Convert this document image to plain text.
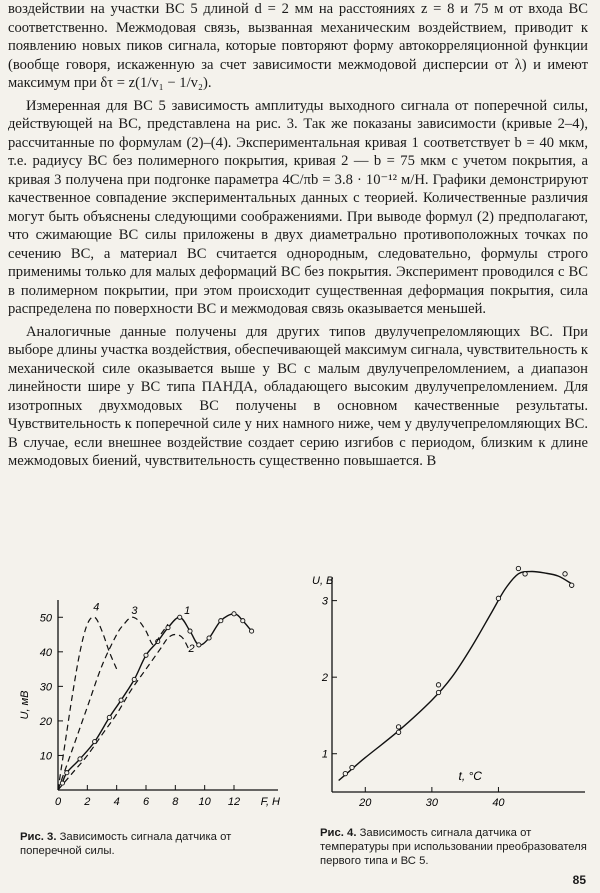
воздействии на участки ВС 5 длиной d = 2 мм на расстояниях z = 8 и 75 м от входа ВС соответственно. Межмодовая связь, вызванная механическим воздействием, приводит к появлению новых пиков сигнала, которые повторяют форму автокорреляционной функции (вообще говоря, искаженную за счет зависимости межмодовой дисперсии от λ) и имеют максимум при δτ = z(1/v₁ − 1/v₂).

Измеренная для ВС 5 зависимость амплитуды выходного сигнала от поперечной силы, действующей на ВС, представлена на рис. 3. Так же показаны зависимости (кривые 2–4), рассчитанные по формулам (2)–(4). Экспериментальная кривая 1 соответствует b = 40 мкм, т.е. радиусу ВС без полимерного покрытия, кривая 2 — b = 75 мкм с учетом покрытия, а кривая 3 получена при подгонке параметра 4C/πb = 3.8 · 10⁻¹² м/Н. Графики демонстрируют качественное совпадение экспериментальных данных с теорией. Количественные различия могут быть объяснены следующими соображениями. При выводе формул (2) предполагают, что сжимающие ВС силы приложены в двух диаметрально противоположных точках по сечению ВС, а материал ВС считается однородным, следовательно, формулы строго применимы только для малых деформаций ВС без покрытия. Эксперимент проводился с ВС в полимерном покрытии, при этом происходит существенная деформация покрытия, сила распределена по поверхности ВС и межмодовая связь оказывается меньшей.

Аналогичные данные получены для других типов двулучепреломляющих ВС. При выборе длины участка воздействия, обеспечивающей максимум сигнала, чувствительность к механической силе оказывается выше у ВС с малым двулучепреломлением, а диапазон линейности шире у ВС типа ПАНДА, обладающего высоким двулучепреломлением. Для изотропных двухмодовых ВС получены в основном качественные результаты. Чувствительность к поперечной силе у них намного ниже, чем у двулучепреломляющих ВС. В случае, если внешнее воздействие создает серию изгибов с периодом, близким к длине межмодовых биений, чувствительность существенно повышается. В

0 2 4 6 8 10 12
10
20
30
40
50
F, Н
U, мВ
1
2
3
4
20	30	40
1
2
3
U, В
t, °C
Рис. 3. Зависимость сигнала датчика от поперечной силы.
Рис. 4. Зависимость сигнала датчика от температуры при использовании преобразователя первого типа и ВС 5.
85
